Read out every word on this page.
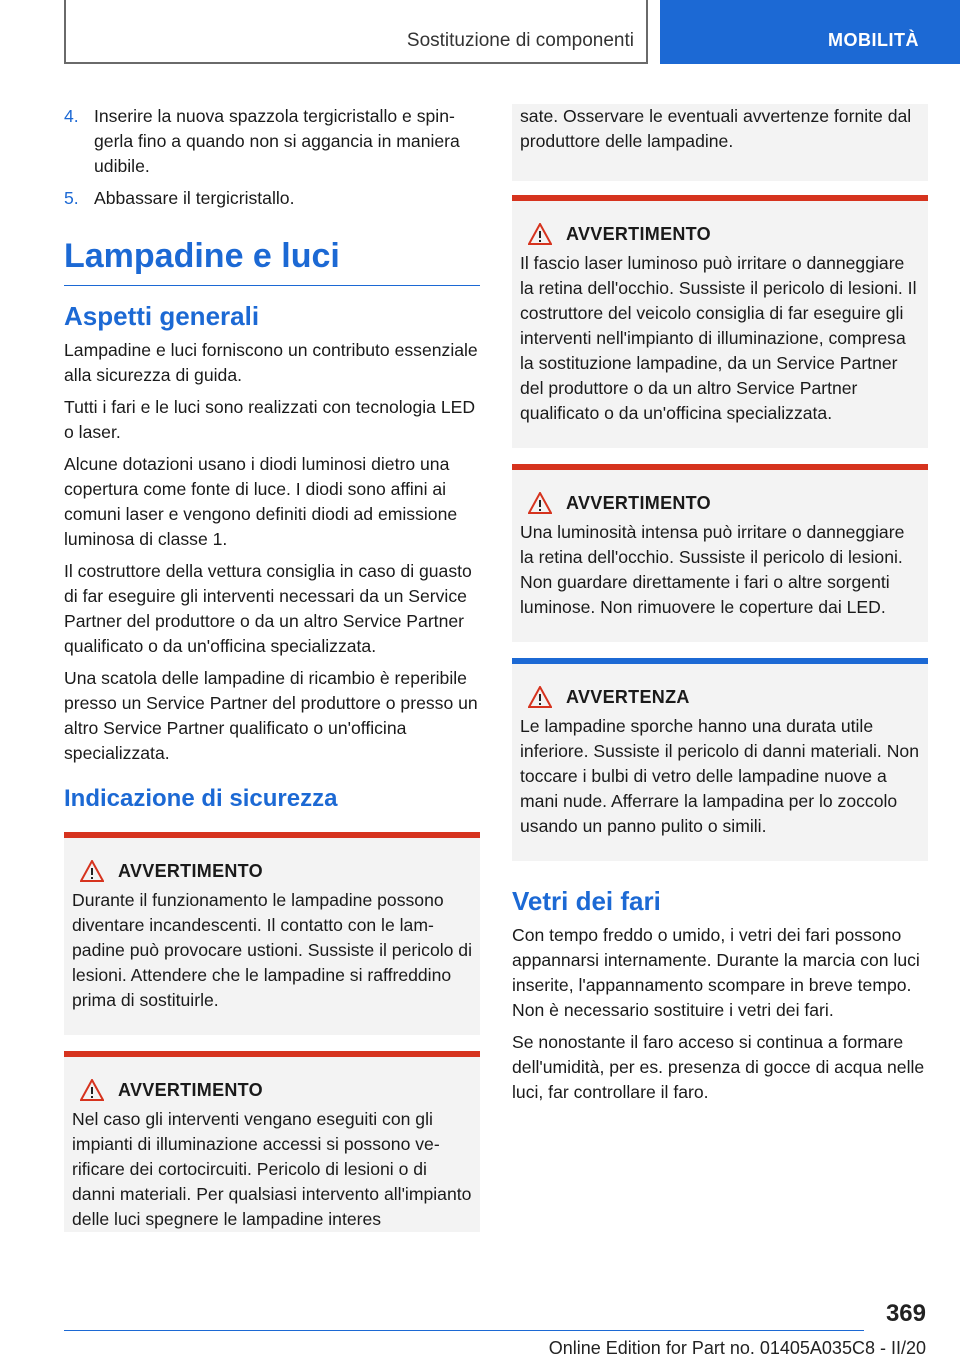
Sostituzione di componenti	MOBILITÀ
4. Inserire la nuova spazzola tergicristallo e spingerla fino a quando non si aggancia in maniera udibile.
5. Abbassare il tergicristallo.
Lampadine e luci
Aspetti generali

Lampadine e luci forniscono un contributo essenziale alla sicurezza di guida.

Tutti i fari e le luci sono realizzati con tecnologia LED o laser.

Alcune dotazioni usano i diodi luminosi dietro una copertura come fonte di luce. I diodi sono affini ai comuni laser e vengono definiti diodi ad emissione luminosa di classe 1.

Il costruttore della vettura consiglia in caso di guasto di far eseguire gli interventi necessari da un Service Partner del produttore o da un altro Service Partner qualificato o da un'officina specializzata.

Una scatola delle lampadine di ricambio è reperibile presso un Service Partner del produttore o presso un altro Service Partner qualificato o un'officina specializzata.

Indicazione di sicurezza
AVVERTIMENTO

Durante il funzionamento le lampadine possono diventare incandescenti. Il contatto con le lampadine può provocare ustioni. Sussiste il pericolo di lesioni. Attendere che le lampadine si raffreddino prima di sostituirle.

AVVERTIMENTO

Nel caso gli interventi vengano eseguiti con gli impianti di illuminazione accessi si possono verificare dei cortocircuiti. Pericolo di lesioni o di danni materiali. Per qualsiasi intervento all'impianto delle luci spegnere le lampadine interes

sate. Osservare le eventuali avvertenze fornite dal produttore delle lampadine.

AVVERTIMENTO

Il fascio laser luminoso può irritare o danneggiare la retina dell'occhio. Sussiste il pericolo di lesioni. Il costruttore del veicolo consiglia di far eseguire gli interventi nell'impianto di illuminazione, compresa la sostituzione lampadine, da un Service Partner del produttore o da un altro Service Partner qualificato o da un'officina specializzata.

AVVERTIMENTO

Una luminosità intensa può irritare o danneggiare la retina dell'occhio. Sussiste il pericolo di lesioni. Non guardare direttamente i fari o altre sorgenti luminose. Non rimuovere le coperture dai LED.

AVVERTENZA

Le lampadine sporche hanno una durata utile inferiore. Sussiste il pericolo di danni materiali. Non toccare i bulbi di vetro delle lampadine nuove a mani nude. Afferrare la lampadina per lo zoccolo usando un panno pulito o simili.

Vetri dei fari

Con tempo freddo o umido, i vetri dei fari possono appannarsi internamente. Durante la marcia con luci inserite, l'appannamento scompare in breve tempo. Non è necessario sostituire i vetri dei fari.

Se nonostante il faro acceso si continua a formare dell'umidità, per es. presenza di gocce di acqua nelle luci, far controllare il faro.

369
Online Edition for Part no. 01405A035C8 - II/20
